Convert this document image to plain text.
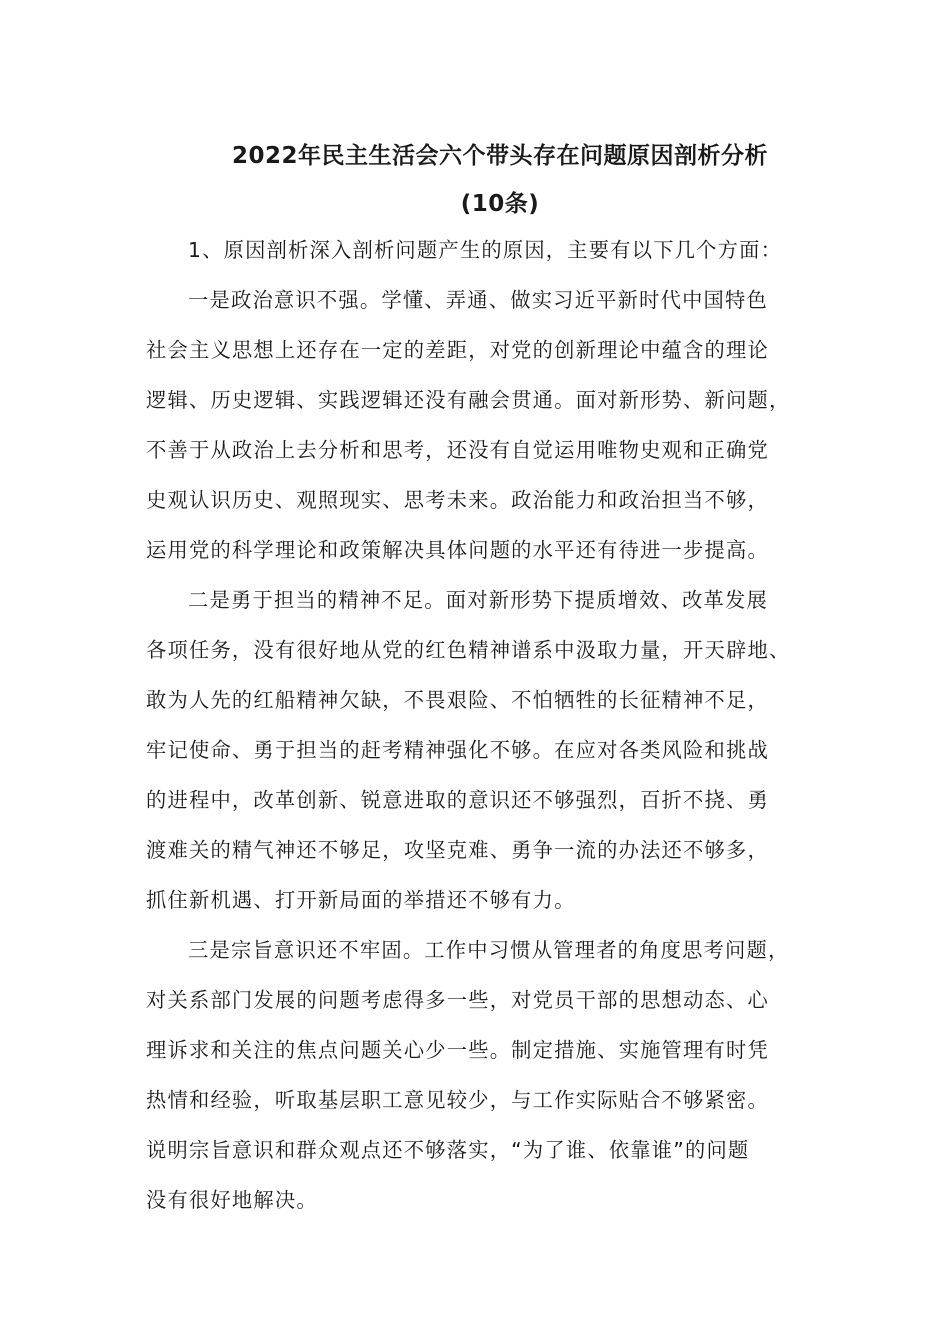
2022年民主生活会六个带头存在问题原因剖析分析
(10条)
1、原因剖析深入剖析问题产生的原因，主要有以下几个方面：
一是政治意识不强。学懂、弄通、做实习近平新时代中国特色
社会主义思想上还存在一定的差距，对党的创新理论中蕴含的理论
逻辑、历史逻辑、实践逻辑还没有融会贯通。面对新形势、新问题，
不善于从政治上去分析和思考，还没有自觉运用唯物史观和正确党
史观认识历史、观照现实、思考未来。政治能力和政治担当不够，
运用党的科学理论和政策解决具体问题的水平还有待进一步提高。
二是勇于担当的精神不足。面对新形势下提质增效、改革发展
各项任务，没有很好地从党的红色精神谱系中汲取力量，开天辟地、
敢为人先的红船精神欠缺，不畏艰险、不怕牺牲的长征精神不足，
牢记使命、勇于担当的赶考精神强化不够。在应对各类风险和挑战
的进程中，改革创新、锐意进取的意识还不够强烈，百折不挠、勇
渡难关的精气神还不够足，攻坚克难、勇争一流的办法还不够多，
抓住新机遇、打开新局面的举措还不够有力。
三是宗旨意识还不牢固。工作中习惯从管理者的角度思考问题，
对关系部门发展的问题考虑得多一些，对党员干部的思想动态、心
理诉求和关注的焦点问题关心少一些。制定措施、实施管理有时凭
热情和经验，听取基层职工意见较少，与工作实际贴合不够紧密。
说明宗旨意识和群众观点还不够落实，“为了谁、依靠谁”的问题
没有很好地解决。
